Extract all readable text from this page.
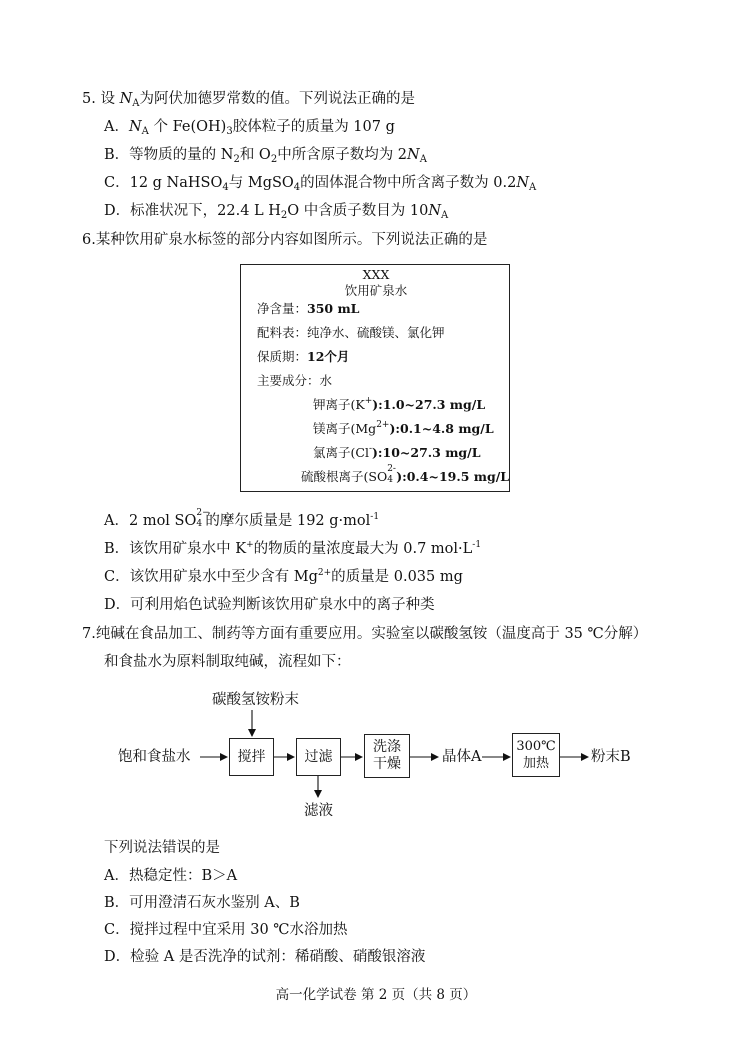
5. 设 $N_A$为阿伏加德罗常数的值。下列说法正确的是
A．$N_A$ 个 $Fe(OH)_3$胶体粒子的质量为 107 g
B．等物质的量的 $N_2$和 $O_2$中所含原子数均为 $2N_A$
C．12 g NaHSO$_4$与 MgSO$_4$的固体混合物中所含离子数为 $0.2N_A$
D．标准状况下，22.4 L $H_2O$ 中含质子数目为 $10N_A$
6.某种饮用矿泉水标签的部分内容如图所示。下列说法正确的是
XXX
饮用矿泉水
净含量：350 mL
配料表：纯净水、硫酸镁、氯化钾
保质期：12个月
主要成分：水
钾离子(K+):1.0~27.3 mg/L
镁离子$(Mg^{2+}):0.1\sim 4.8$ mg/L
氯离子(Cl-):10~27.3 mg/L
硫酸根离子(SO 2-
4 ):0.4~19.5 mg/L
A．2 mol SO 2−
4 的摩尔质量是 192 g·mol$^{-1}$
B．该饮用矿泉水中 K+的物质的量浓度最大为 0.7 $mol\cdot L^{-1}$
C．该饮用矿泉水中至少含有 $Mg^{2+}$的质量是 0.035 mg
D．可利用焰色试验判断该饮用矿泉水中的离子种类
7.纯碱在食品加工、制药等方面有重要应用。实验室以碳酸氢铵（温度高于 35 ℃分解）
和食盐水为原料制取纯碱，流程如下：
碳酸氢铵粉末
饱和食盐水	搅拌	过滤
滤液
洗涤
干燥	晶体A
300℃
加热	粉末B
下列说法错误的是
A．热稳定性：B＞A
B．可用澄清石灰水鉴别 A、B
C．搅拌过程中宜采用 30 ℃水浴加热
D．检验 A 是否洗净的试剂：稀硝酸、硝酸银溶液
高一化学试卷 第 2 页（共 8 页）
